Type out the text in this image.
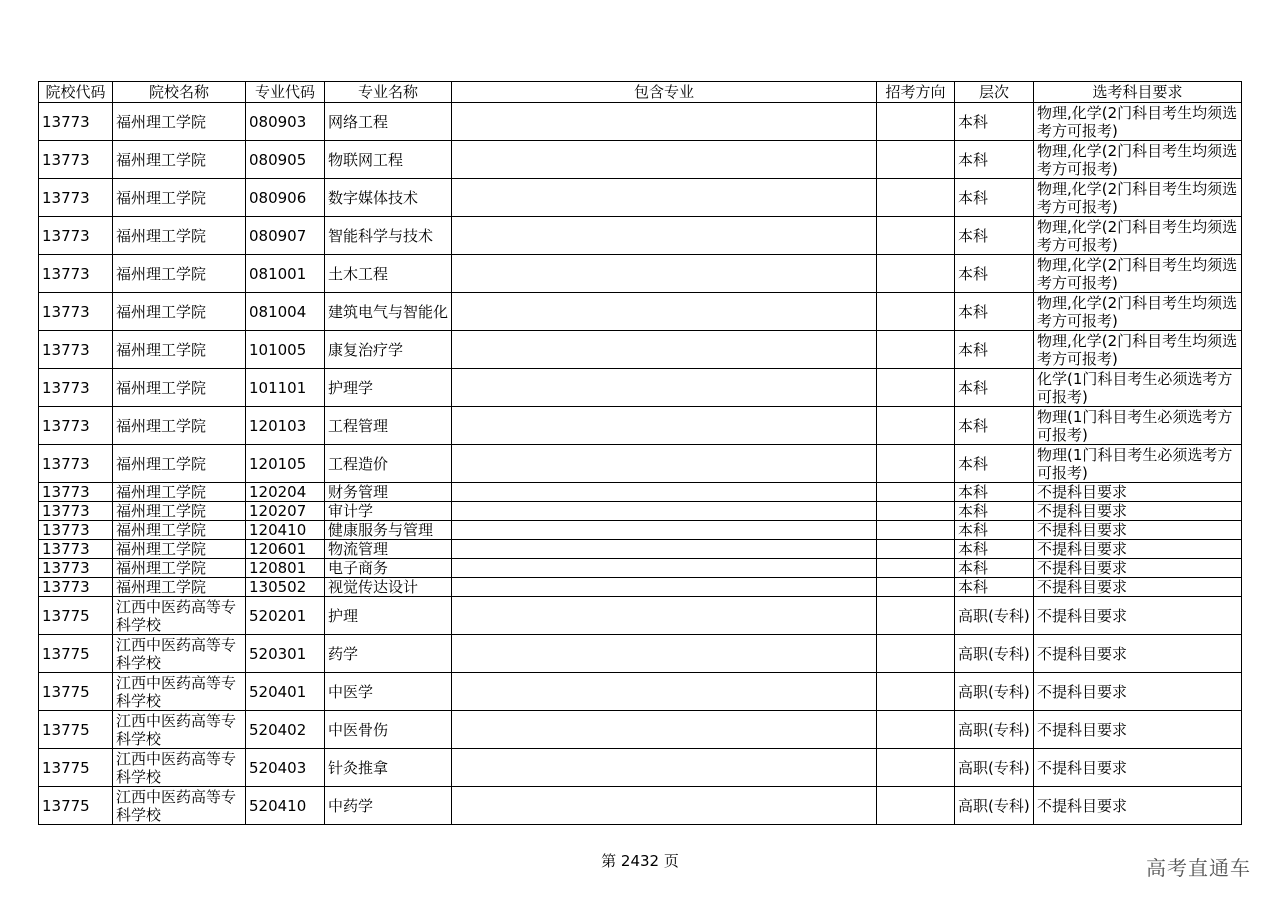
院校代码	院校名称	专业代码	专业名称	包含专业	招考方向	层次	选考科目要求
13773	福州理工学院	080903	网络工程			本科	物理,化学(2门科目考生均须选考方可报考)
13773	福州理工学院	080905	物联网工程			本科	物理,化学(2门科目考生均须选考方可报考)
13773	福州理工学院	080906	数字媒体技术			本科	物理,化学(2门科目考生均须选考方可报考)
13773	福州理工学院	080907	智能科学与技术			本科	物理,化学(2门科目考生均须选考方可报考)
13773	福州理工学院	081001	土木工程			本科	物理,化学(2门科目考生均须选考方可报考)
13773	福州理工学院	081004	建筑电气与智能化			本科	物理,化学(2门科目考生均须选考方可报考)
13773	福州理工学院	101005	康复治疗学			本科	物理,化学(2门科目考生均须选考方可报考)
13773	福州理工学院	101101	护理学			本科	化学(1门科目考生必须选考方可报考)
13773	福州理工学院	120103	工程管理			本科	物理(1门科目考生必须选考方可报考)
13773	福州理工学院	120105	工程造价			本科	物理(1门科目考生必须选考方可报考)
13773	福州理工学院	120204	财务管理			本科	不提科目要求
13773	福州理工学院	120207	审计学			本科	不提科目要求
13773	福州理工学院	120410	健康服务与管理			本科	不提科目要求
13773	福州理工学院	120601	物流管理			本科	不提科目要求
13773	福州理工学院	120801	电子商务			本科	不提科目要求
13773	福州理工学院	130502	视觉传达设计			本科	不提科目要求
13775	江西中医药高等专科学校	520201	护理			高职(专科)	不提科目要求
13775	江西中医药高等专科学校	520301	药学			高职(专科)	不提科目要求
13775	江西中医药高等专科学校	520401	中医学			高职(专科)	不提科目要求
13775	江西中医药高等专科学校	520402	中医骨伤			高职(专科)	不提科目要求
13775	江西中医药高等专科学校	520403	针灸推拿			高职(专科)	不提科目要求
13775	江西中医药高等专科学校	520410	中药学			高职(专科)	不提科目要求
第 2432 页	高考直通车
